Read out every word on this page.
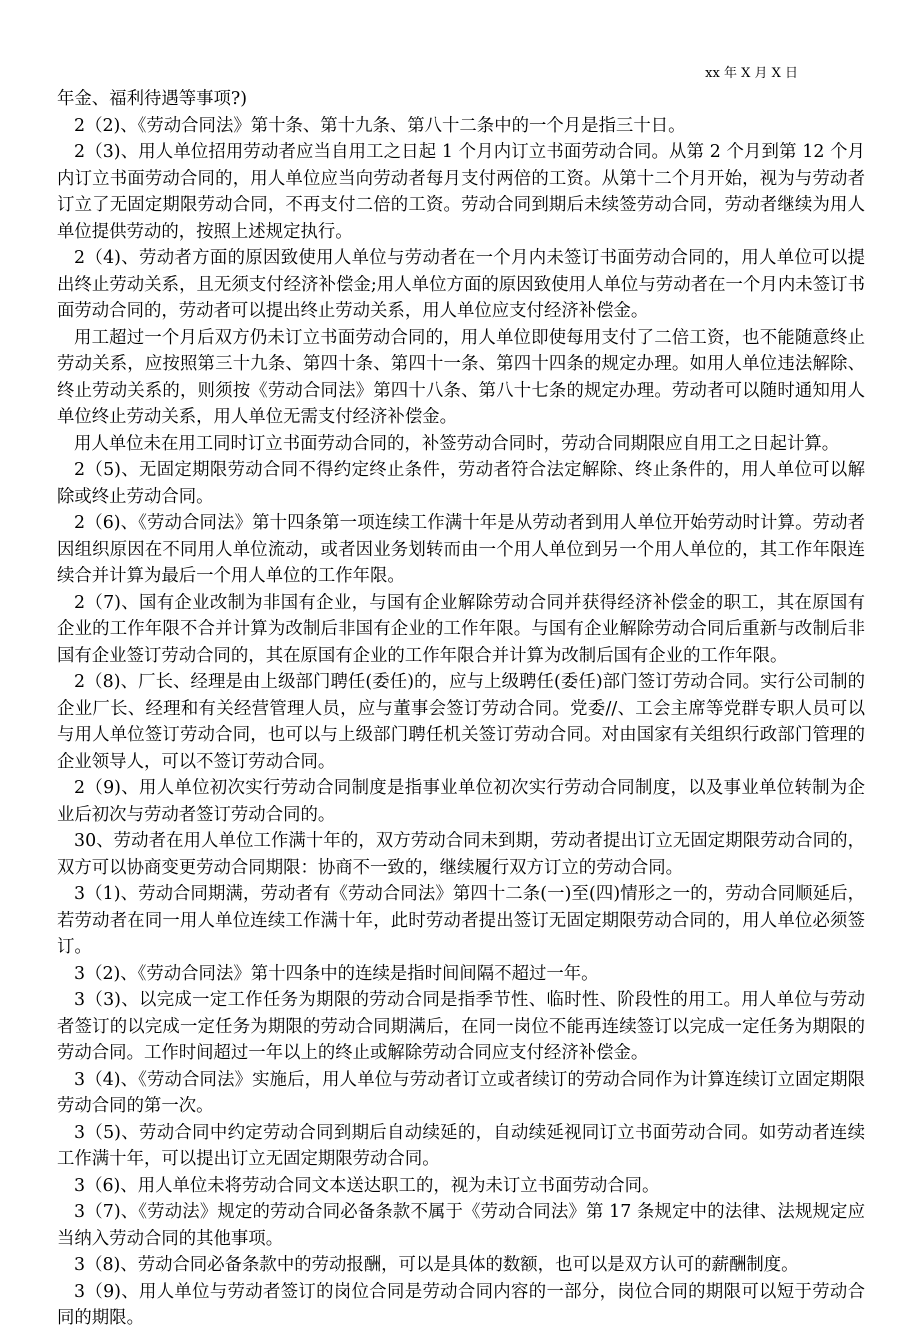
xx 年 X 月 X 日

年金、福利待遇等事项?)

2（2)、《劳动合同法》第十条、第十九条、第八十二条中的一个月是指三十日。

2（3)、用人单位招用劳动者应当自用工之日起 1 个月内订立书面劳动合同。从第 2 个月到第 12 个月内订立书面劳动合同的，用人单位应当向劳动者每月支付两倍的工资。从第十二个月开始，视为与劳动者订立了无固定期限劳动合同，不再支付二倍的工资。劳动合同到期后未续签劳动合同，劳动者继续为用人单位提供劳动的，按照上述规定执行。

2（4)、劳动者方面的原因致使用人单位与劳动者在一个月内未签订书面劳动合同的，用人单位可以提出终止劳动关系，且无须支付经济补偿金;用人单位方面的原因致使用人单位与劳动者在一个月内未签订书面劳动合同的，劳动者可以提出终止劳动关系，用人单位应支付经济补偿金。

用工超过一个月后双方仍未订立书面劳动合同的，用人单位即使每用支付了二倍工资，也不能随意终止劳动关系，应按照第三十九条、第四十条、第四十一条、第四十四条的规定办理。如用人单位违法解除、终止劳动关系的，则须按《劳动合同法》第四十八条、第八十七条的规定办理。劳动者可以随时通知用人单位终止劳动关系，用人单位无需支付经济补偿金。

用人单位未在用工同时订立书面劳动合同的，补签劳动合同时，劳动合同期限应自用工之日起计算。

2（5)、无固定期限劳动合同不得约定终止条件，劳动者符合法定解除、终止条件的，用人单位可以解除或终止劳动合同。

2（6)、《劳动合同法》第十四条第一项连续工作满十年是从劳动者到用人单位开始劳动时计算。劳动者因组织原因在不同用人单位流动，或者因业务划转而由一个用人单位到另一个用人单位的，其工作年限连续合并计算为最后一个用人单位的工作年限。

2（7)、国有企业改制为非国有企业，与国有企业解除劳动合同并获得经济补偿金的职工，其在原国有企业的工作年限不合并计算为改制后非国有企业的工作年限。与国有企业解除劳动合同后重新与改制后非国有企业签订劳动合同的，其在原国有企业的工作年限合并计算为改制后国有企业的工作年限。

2（8)、厂长、经理是由上级部门聘任(委任)的，应与上级聘任(委任)部门签订劳动合同。实行公司制的企业厂长、经理和有关经营管理人员，应与董事会签订劳动合同。党委//、工会主席等党群专职人员可以与用人单位签订劳动合同，也可以与上级部门聘任机关签订劳动合同。对由国家有关组织行政部门管理的企业领导人，可以不签订劳动合同。

2（9)、用人单位初次实行劳动合同制度是指事业单位初次实行劳动合同制度，以及事业单位转制为企业后初次与劳动者签订劳动合同的。

30、劳动者在用人单位工作满十年的，双方劳动合同未到期，劳动者提出订立无固定期限劳动合同的，双方可以协商变更劳动合同期限：协商不一致的，继续履行双方订立的劳动合同。

3（1)、劳动合同期满，劳动者有《劳动合同法》第四十二条(一)至(四)情形之一的，劳动合同顺延后，若劳动者在同一用人单位连续工作满十年，此时劳动者提出签订无固定期限劳动合同的，用人单位必须签订。

3（2)、《劳动合同法》第十四条中的连续是指时间间隔不超过一年。

3（3)、以完成一定工作任务为期限的劳动合同是指季节性、临时性、阶段性的用工。用人单位与劳动者签订的以完成一定任务为期限的劳动合同期满后，在同一岗位不能再连续签订以完成一定任务为期限的劳动合同。工作时间超过一年以上的终止或解除劳动合同应支付经济补偿金。

3（4)、《劳动合同法》实施后，用人单位与劳动者订立或者续订的劳动合同作为计算连续订立固定期限劳动合同的第一次。

3（5)、劳动合同中约定劳动合同到期后自动续延的，自动续延视同订立书面劳动合同。如劳动者连续工作满十年，可以提出订立无固定期限劳动合同。

3（6)、用人单位未将劳动合同文本送达职工的，视为未订立书面劳动合同。

3（7)、《劳动法》规定的劳动合同必备条款不属于《劳动合同法》第 17 条规定中的法律、法规规定应当纳入劳动合同的其他事项。

3（8)、劳动合同必备条款中的劳动报酬，可以是具体的数额，也可以是双方认可的薪酬制度。

3（9)、用人单位与劳动者签订的岗位合同是劳动合同内容的一部分，岗位合同的期限可以短于劳动合同的期限。
